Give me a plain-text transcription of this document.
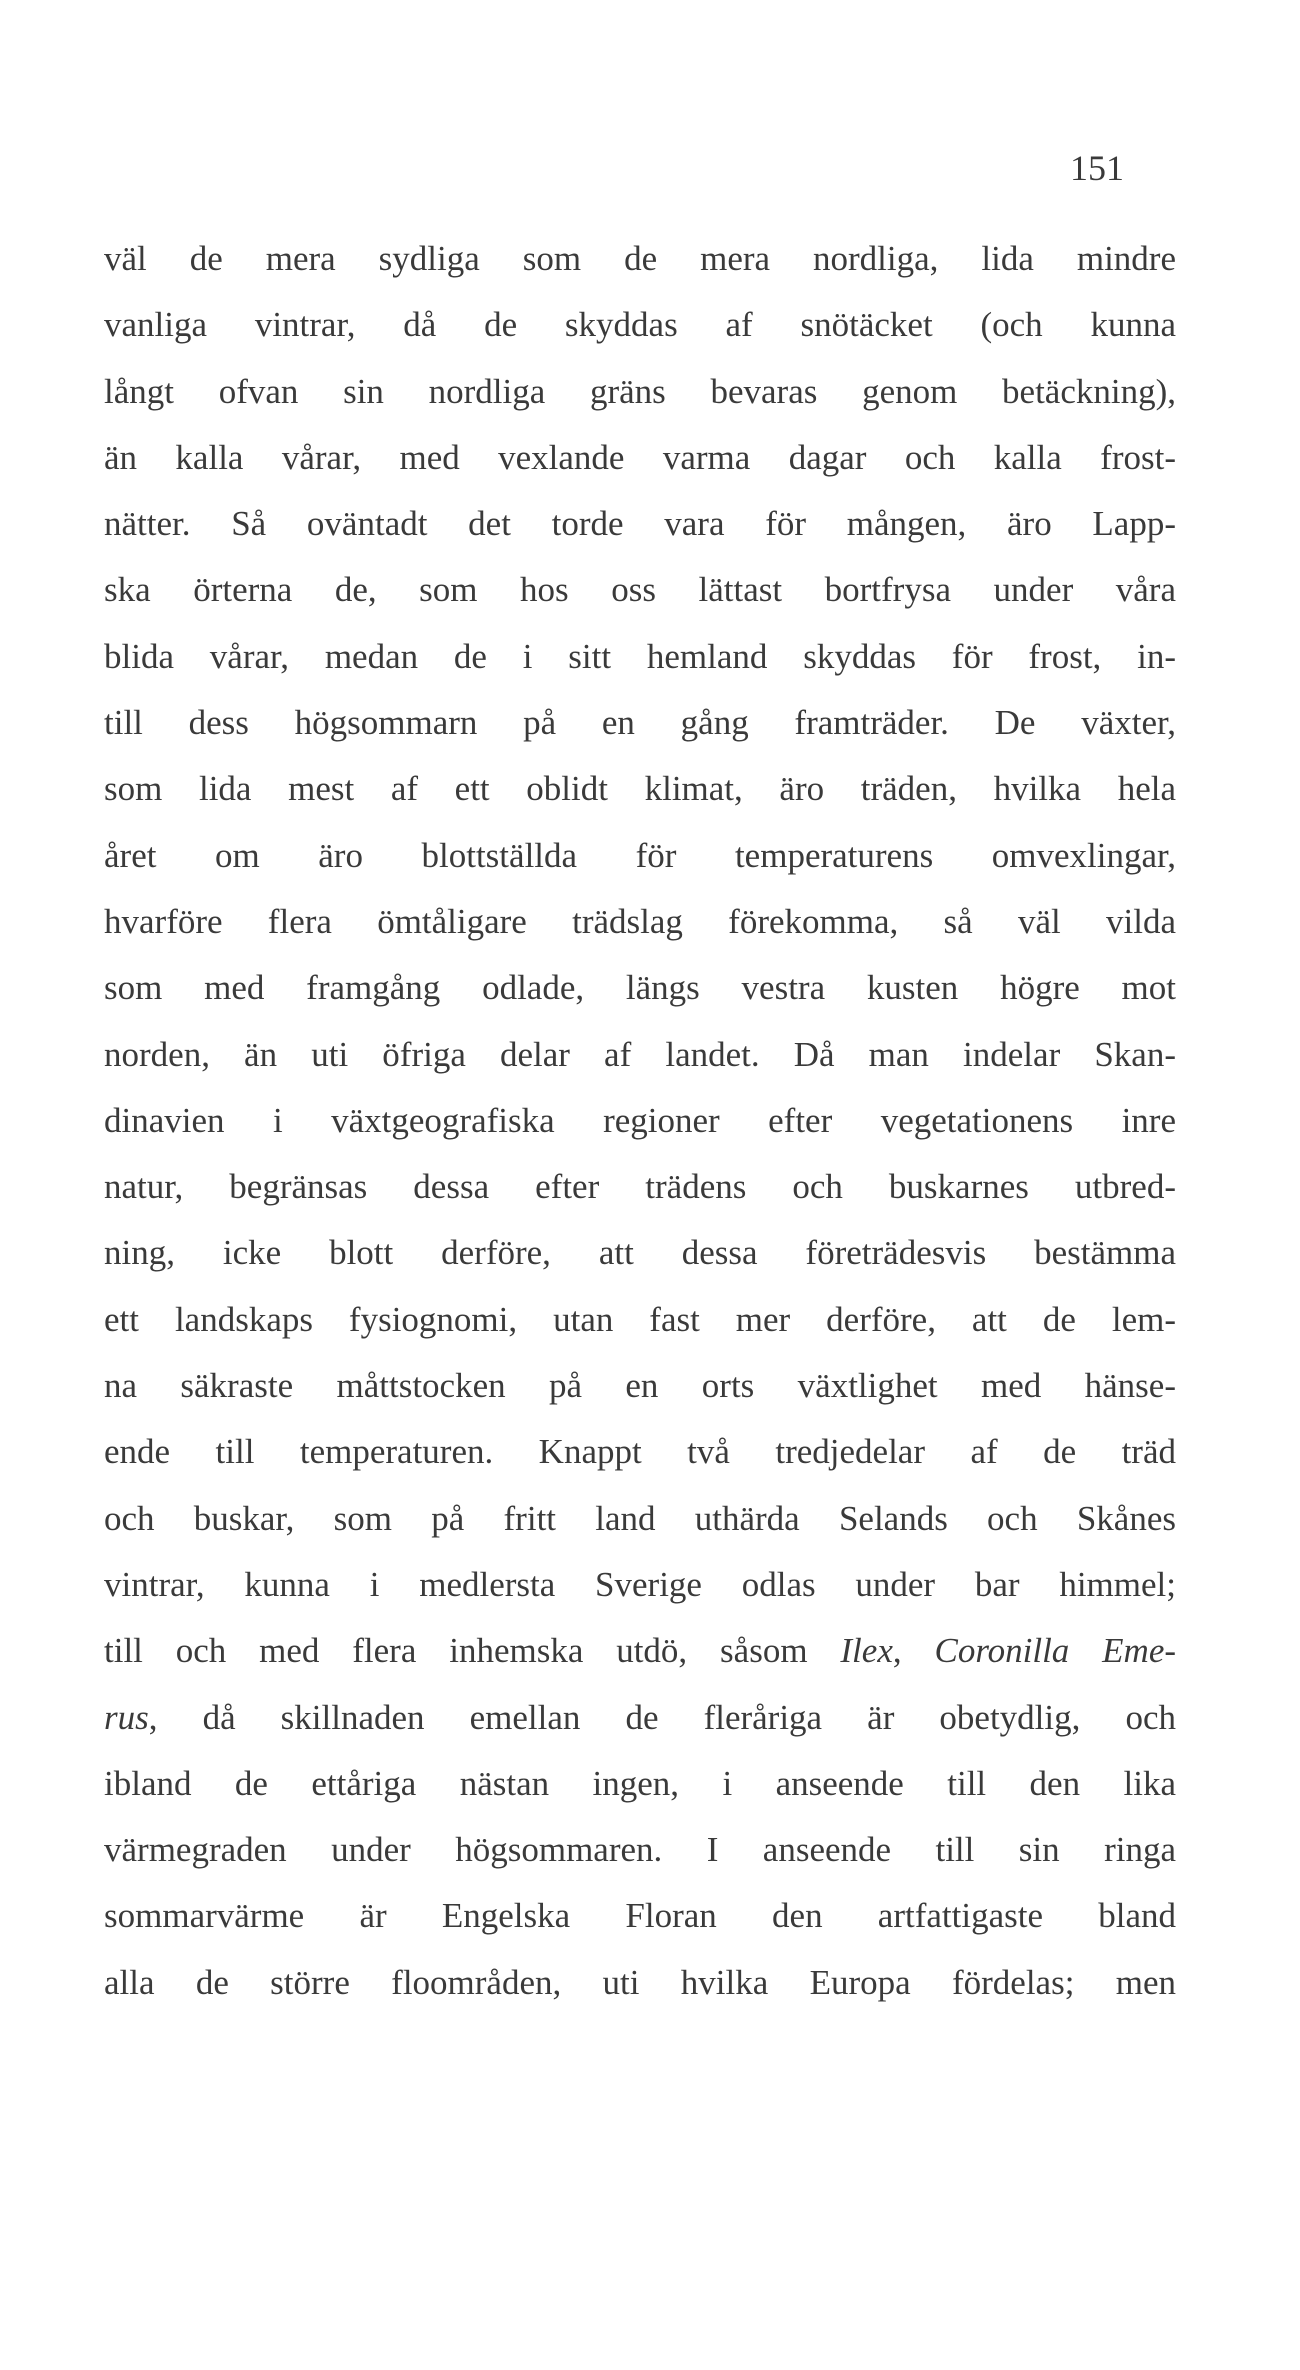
151
väl de mera sydliga som de mera nordliga, lida mindre
vanliga vintrar, då de skyddas af snötäcket (och kunna
långt ofvan sin nordliga gräns bevaras genom betäckning),
än kalla vårar, med vexlande varma dagar och kalla frost-
nätter. Så oväntadt det torde vara för mången, äro Lapp-
ska örterna de, som hos oss lättast bortfrysa under våra
blida vårar, medan de i sitt hemland skyddas för frost, in-
till dess högsommarn på en gång framträder. De växter,
som lida mest af ett oblidt klimat, äro träden, hvilka hela
året om äro blottställda för temperaturens omvexlingar,
hvarföre flera ömtåligare trädslag förekomma, så väl vilda
som med framgång odlade, längs vestra kusten högre mot
norden, än uti öfriga delar af landet. Då man indelar Skan-
dinavien i växtgeografiska regioner efter vegetationens inre
natur, begränsas dessa efter trädens och buskarnes utbred-
ning, icke blott derföre, att dessa företrädesvis bestämma
ett landskaps fysiognomi, utan fast mer derföre, att de lem-
na säkraste måttstocken på en orts växtlighet med hänse-
ende till temperaturen. Knappt två tredjedelar af de träd
och buskar, som på fritt land uthärda Selands och Skånes
vintrar, kunna i medlersta Sverige odlas under bar himmel;
till och med flera inhemska utdö, såsom Ilex, Coronilla Eme-
rus, då skillnaden emellan de fleråriga är obetydlig, och
ibland de ettåriga nästan ingen, i anseende till den lika
värmegraden under högsommaren. I anseende till sin ringa
sommarvärme är Engelska Floran den artfattigaste bland
alla de större floområden, uti hvilka Europa fördelas; men
